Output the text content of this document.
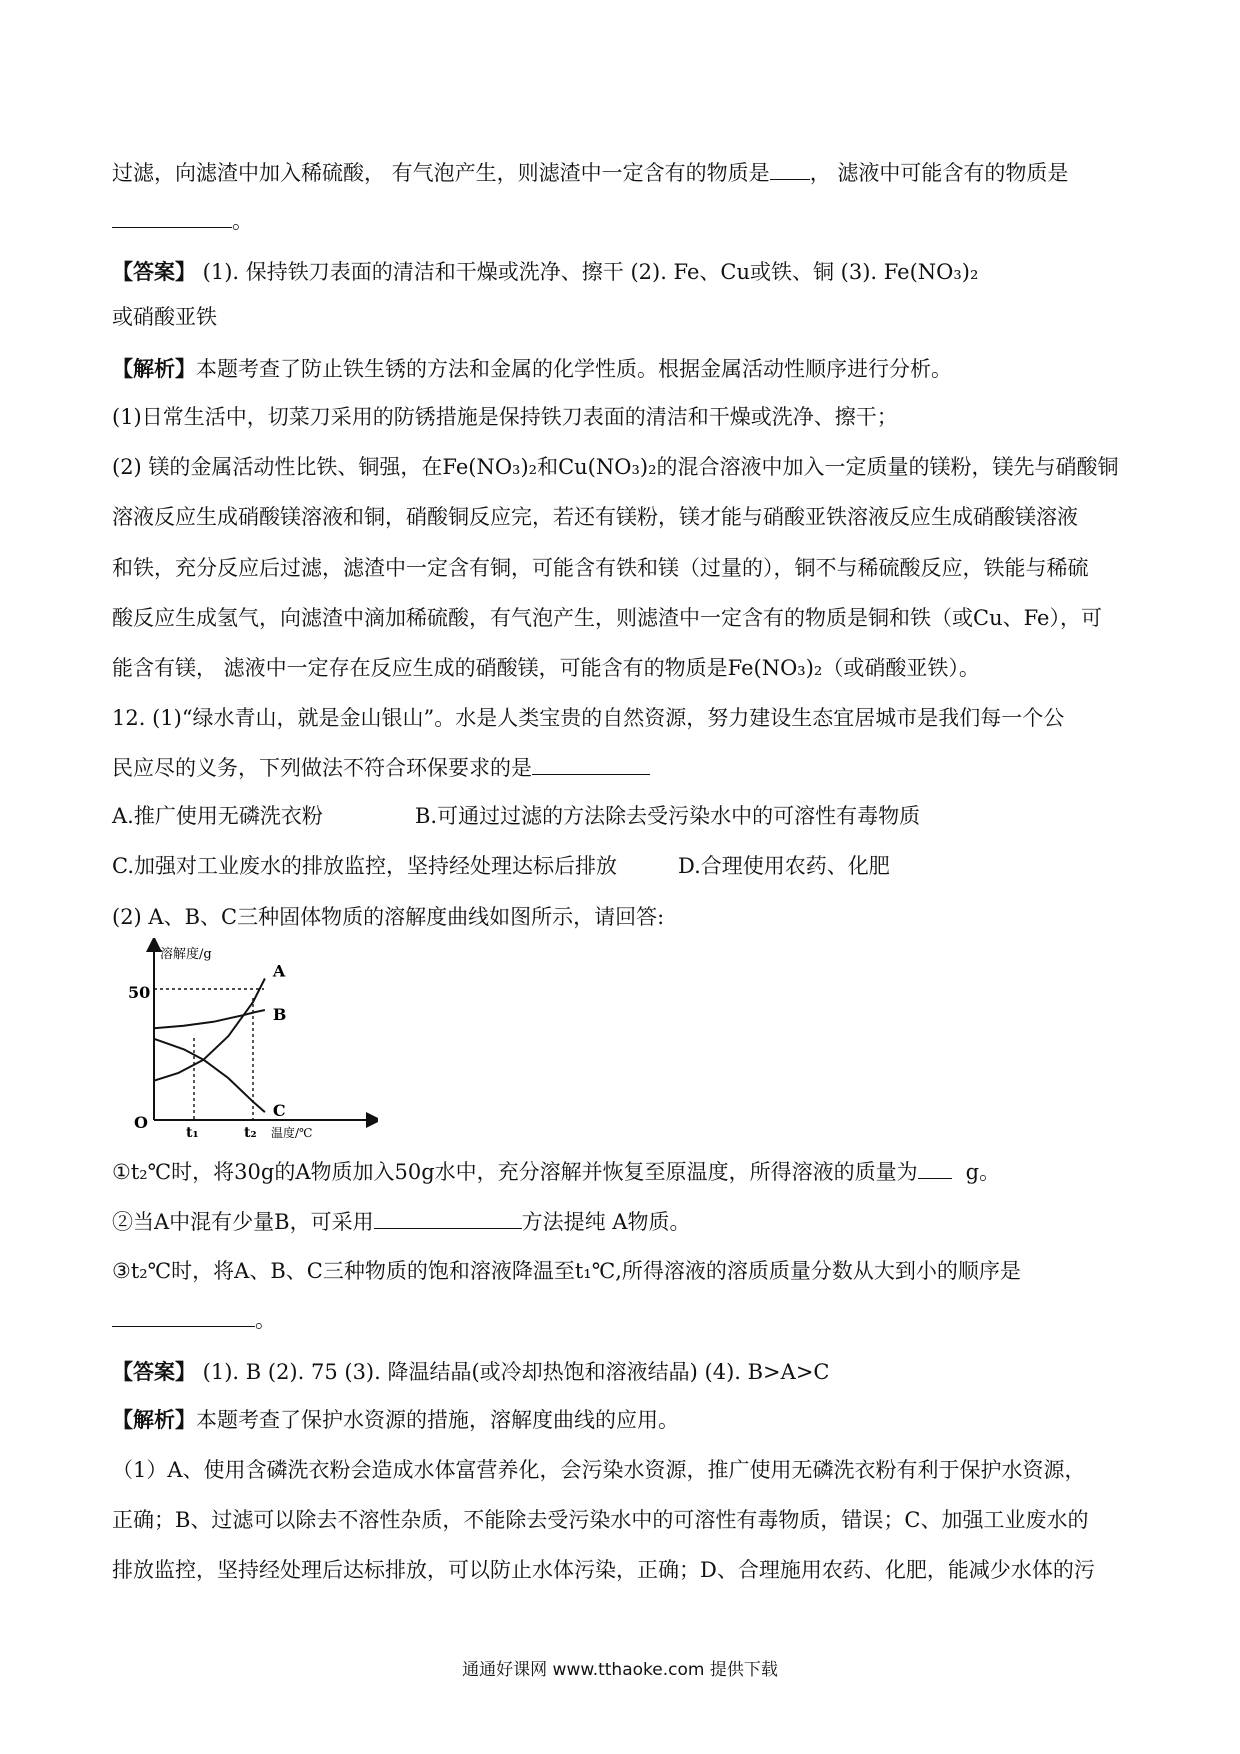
过滤，向滤渣中加入稀硫酸， 有气泡产生，则滤渣中一定含有的物质是 ， 滤液中可能含有的物质是
。
【答案】 (1). 保持铁刀表面的清洁和干燥或洗净、擦干 (2). Fe、Cu或铁、铜 (3). Fe(NO₃)₂
或硝酸亚铁
【解析】本题考查了防止铁生锈的方法和金属的化学性质。根据金属活动性顺序进行分析。
(1)日常生活中，切菜刀采用的防锈措施是保持铁刀表面的清洁和干燥或洗净、擦干；
(2) 镁的金属活动性比铁、铜强，在Fe(NO₃)₂和Cu(NO₃)₂的混合溶液中加入一定质量的镁粉，镁先与硝酸铜
溶液反应生成硝酸镁溶液和铜，硝酸铜反应完，若还有镁粉，镁才能与硝酸亚铁溶液反应生成硝酸镁溶液
和铁，充分反应后过滤，滤渣中一定含有铜，可能含有铁和镁（过量的），铜不与稀硫酸反应，铁能与稀硫
酸反应生成氢气，向滤渣中滴加稀硫酸，有气泡产生，则滤渣中一定含有的物质是铜和铁（或Cu、Fe），可
能含有镁， 滤液中一定存在反应生成的硝酸镁，可能含有的物质是Fe(NO₃)₂（或硝酸亚铁）。
12. (1)“绿水青山，就是金山银山”。水是人类宝贵的自然资源，努力建设生态宜居城市是我们每一个公
民应尽的义务，下列做法不符合环保要求的是
A.推广使用无磷洗衣粉	B.可通过过滤的方法除去受污染水中的可溶性有毒物质
C.加强对工业废水的排放监控，坚持经处理达标后排放	D.合理使用农药、化肥
(2) A、B、C三种固体物质的溶解度曲线如图所示，请回答:
溶解度/g
O
50
t₁	t₂ 温度/℃
A
B
C
①t₂℃时，将30g的A物质加入50g水中，充分溶解并恢复至原温度，所得溶液的质量为 g。
②当A中混有少量B，可采用	方法提纯 A物质。
③t₂℃时，将A、B、C三种物质的饱和溶液降温至t₁℃,所得溶液的溶质质量分数从大到小的顺序是
。
【答案】 (1). B (2). 75 (3). 降温结晶(或冷却热饱和溶液结晶) (4). B>A>C
【解析】本题考查了保护水资源的措施，溶解度曲线的应用。
（1）A、使用含磷洗衣粉会造成水体富营养化，会污染水资源，推广使用无磷洗衣粉有利于保护水资源，
正确；B、过滤可以除去不溶性杂质，不能除去受污染水中的可溶性有毒物质，错误；C、加强工业废水的
排放监控，坚持经处理后达标排放，可以防止水体污染，正确；D、合理施用农药、化肥，能减少水体的污
通通好课网 www.tthaoke.com 提供下载
